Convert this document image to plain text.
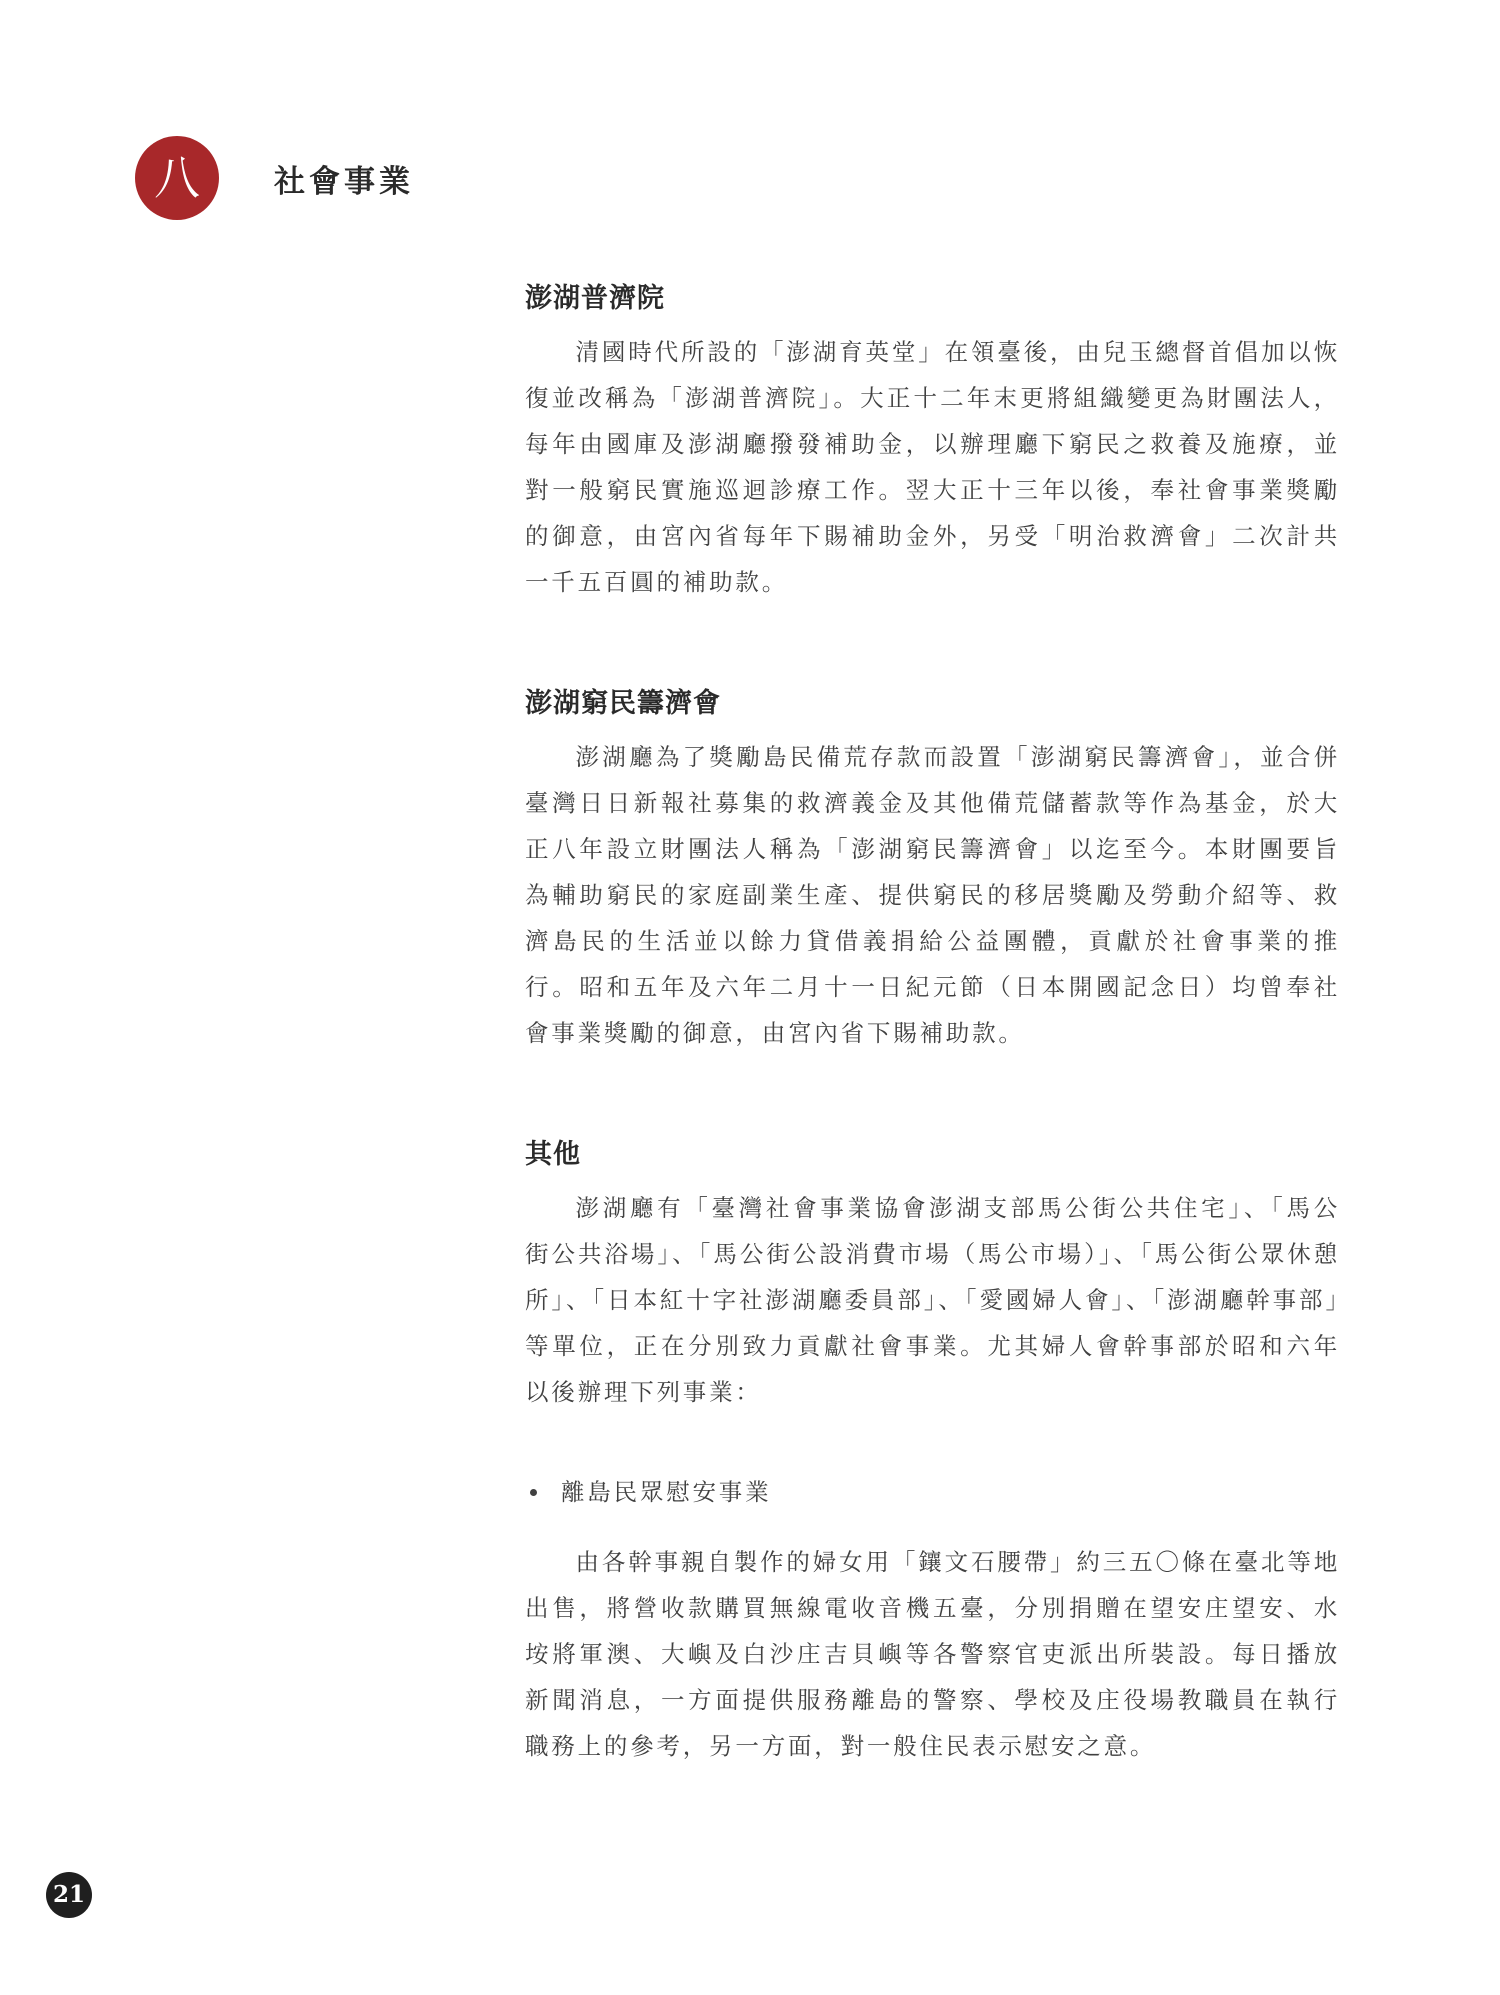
八	社會事業
澎湖普濟院

清國時代所設的「澎湖育英堂」在領臺後，由兒玉總督首倡加以恢復並改稱為「澎湖普濟院」。大正十二年末更將組織變更為財團法人，每年由國庫及澎湖廳撥發補助金，以辦理廳下窮民之救養及施療，並對一般窮民實施巡迴診療工作。翌大正十三年以後，奉社會事業獎勵的御意，由宮內省每年下賜補助金外，另受「明治救濟會」二次計共一千五百圓的補助款。

澎湖窮民籌濟會

澎湖廳為了獎勵島民備荒存款而設置「澎湖窮民籌濟會」，並合併臺灣日日新報社募集的救濟義金及其他備荒儲蓄款等作為基金，於大正八年設立財團法人稱為「澎湖窮民籌濟會」以迄至今。本財團要旨為輔助窮民的家庭副業生產、提供窮民的移居獎勵及勞動介紹等、救濟島民的生活並以餘力貸借義捐給公益團體，貢獻於社會事業的推行。昭和五年及六年二月十一日紀元節（日本開國記念日）均曾奉社會事業獎勵的御意，由宮內省下賜補助款。

其他

澎湖廳有「臺灣社會事業協會澎湖支部馬公街公共住宅」、「馬公街公共浴場」、「馬公街公設消費市場（馬公市場）」、「馬公街公眾休憩所」、「日本紅十字社澎湖廳委員部」、「愛國婦人會」、「澎湖廳幹事部」等單位，正在分別致力貢獻社會事業。尤其婦人會幹事部於昭和六年以後辦理下列事業：

離島民眾慰安事業

由各幹事親自製作的婦女用「鑲文石腰帶」約三五〇條在臺北等地出售，將營收款購買無線電收音機五臺，分別捐贈在望安庄望安、水垵將軍澳、大嶼及白沙庄吉貝嶼等各警察官吏派出所裝設。每日播放新聞消息，一方面提供服務離島的警察、學校及庄役場教職員在執行職務上的參考，另一方面，對一般住民表示慰安之意。

21
